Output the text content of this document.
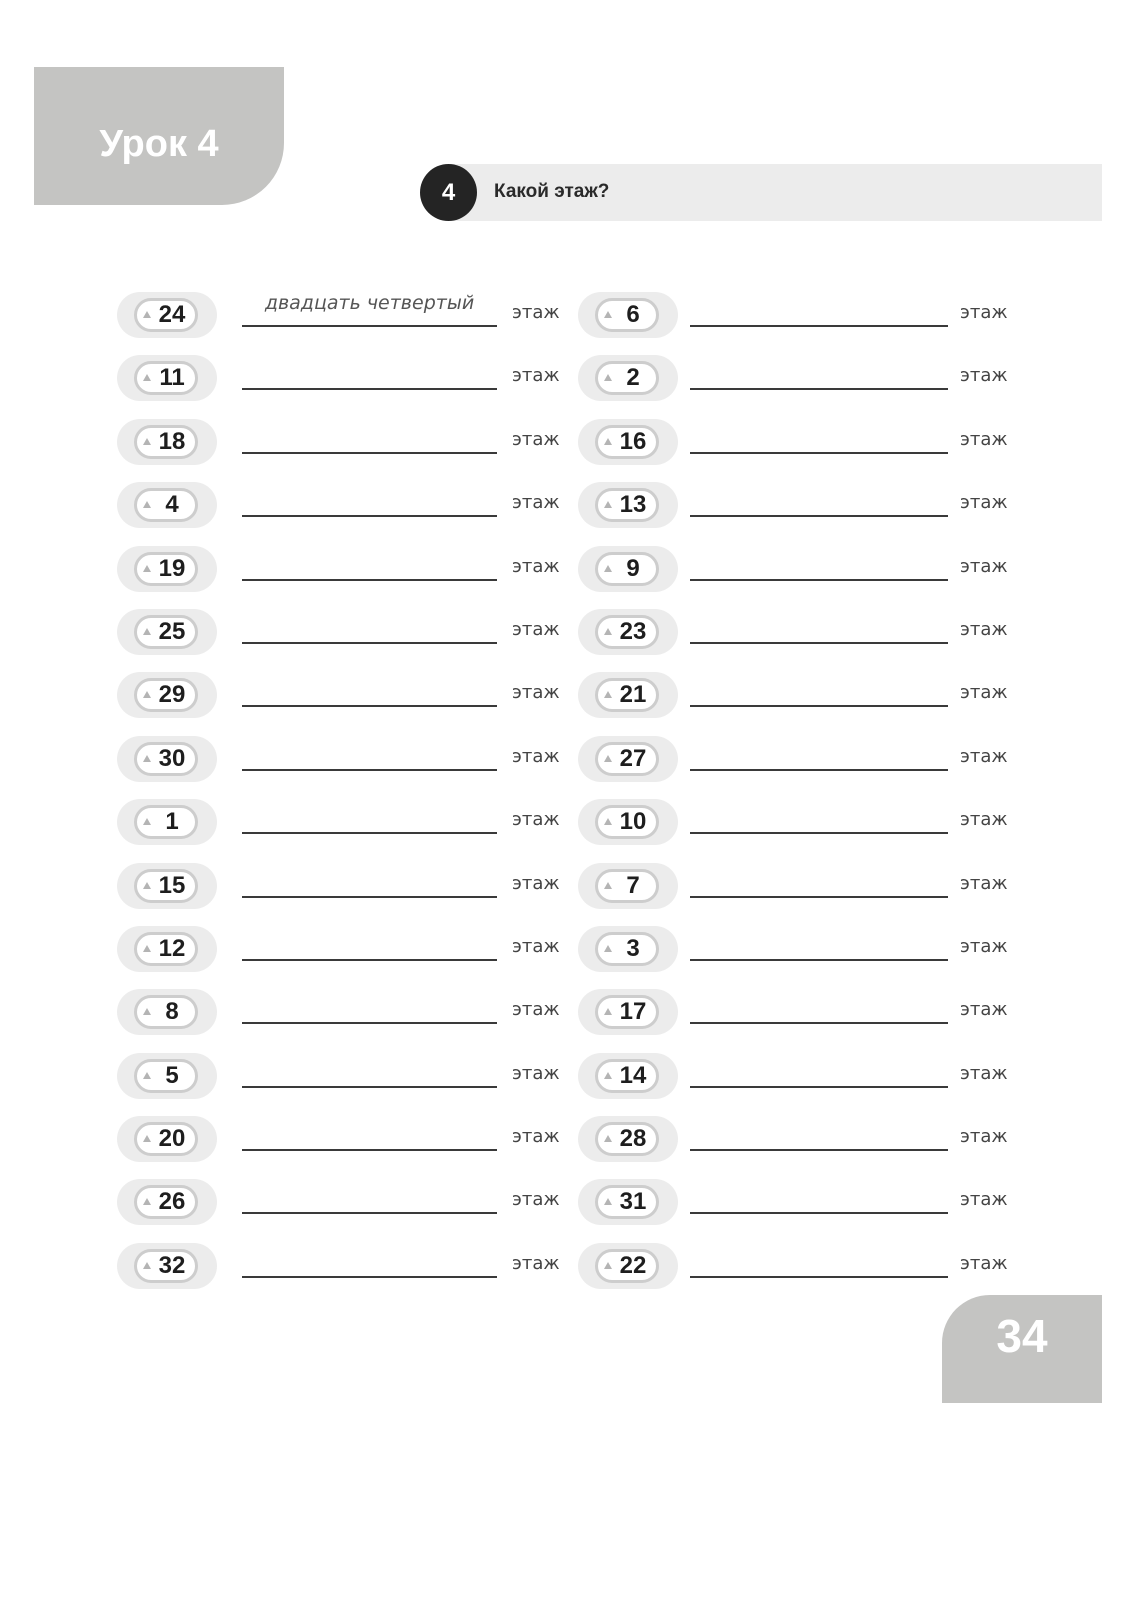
Урок 4
4	Какой этаж?
24	двадцать четвертый	этаж	6	этаж
11	этаж	2	этаж
18	этаж	16	этаж
4	этаж	13	этаж
19	этаж	9	этаж
25	этаж	23	этаж
29	этаж	21	этаж
30	этаж	27	этаж
1	этаж	10	этаж
15	этаж	7	этаж
12	этаж	3	этаж
8	этаж	17	этаж
5	этаж	14	этаж
20	этаж	28	этаж
26	этаж	31	этаж
32	этаж	22	этаж
34
